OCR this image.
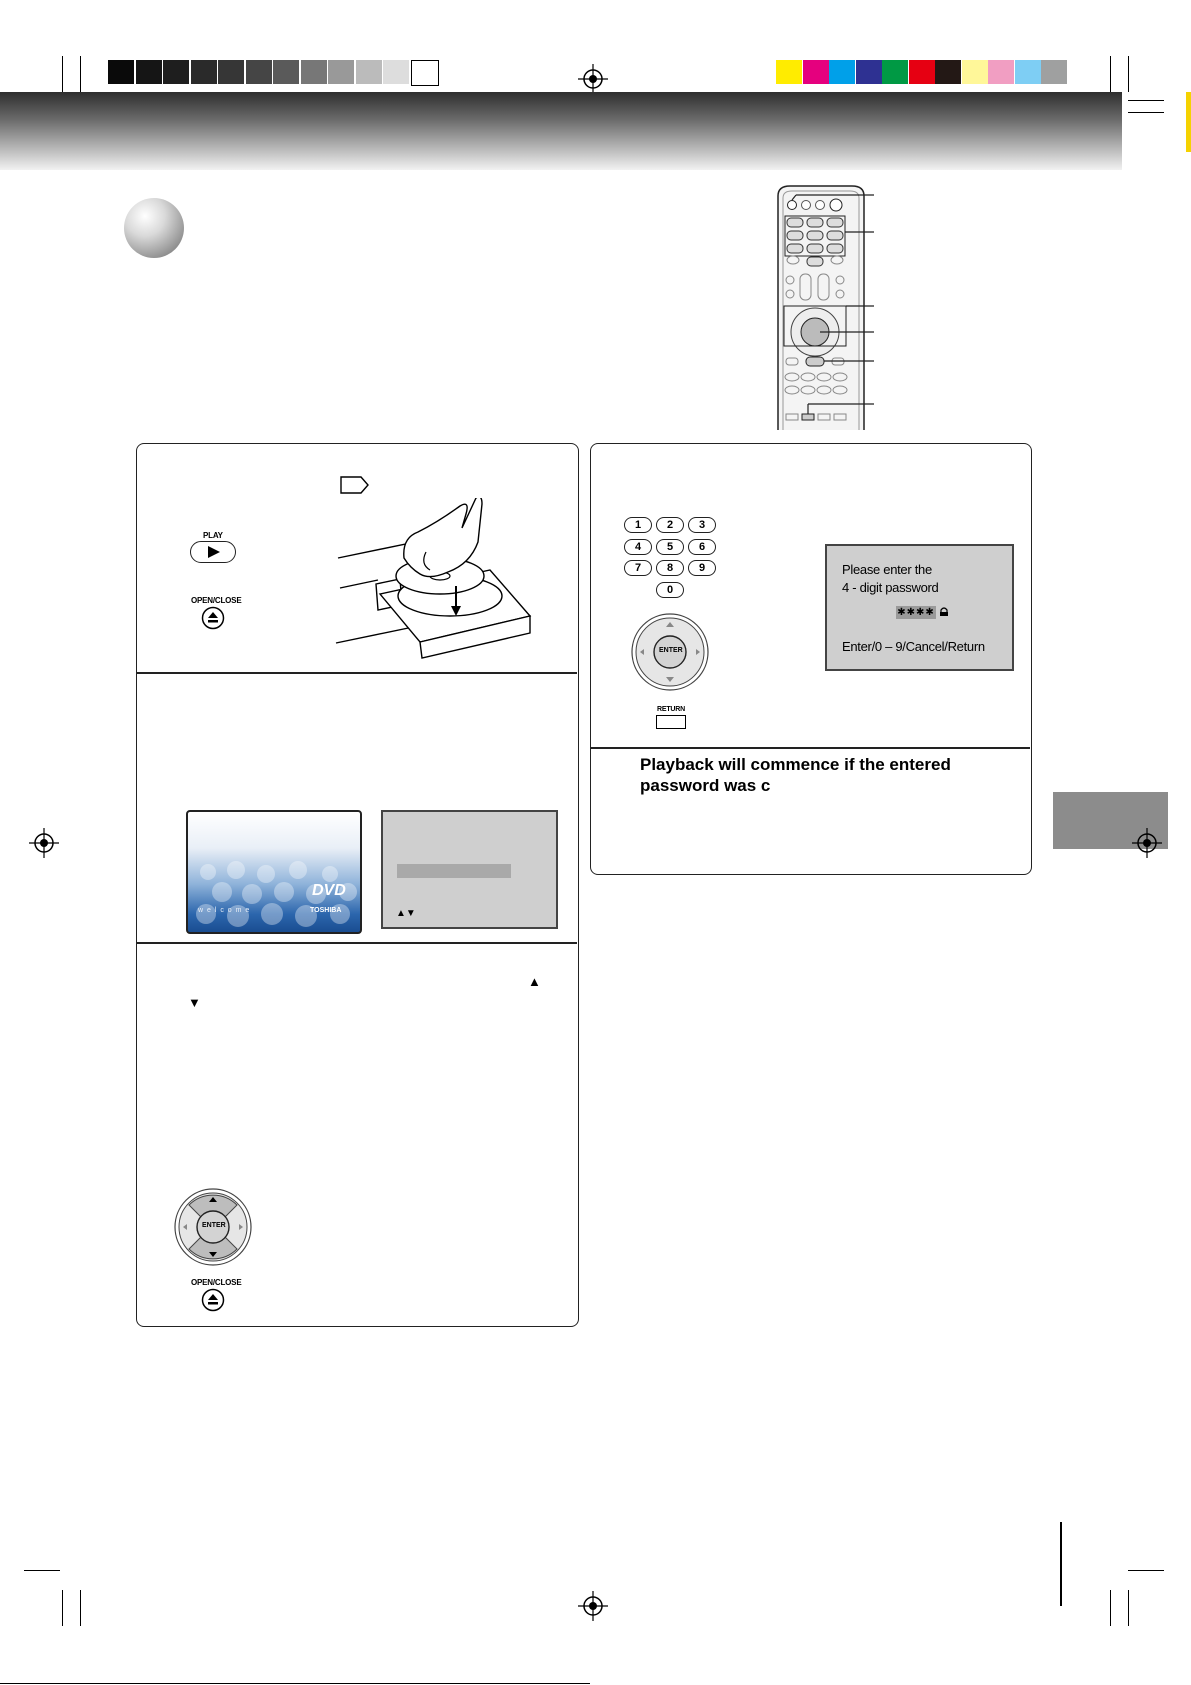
PLAY
OPEN/CLOSE
DVD
w e l c o m e	TOSHIBA	▲▼
▲
▼
ENTER
OPEN/CLOSE
1	2	3
4	5	6
7	8	9
0
ENTER
RETURN
Please enter the
4 - digit password
✱✱✱✱
Enter/0 – 9/Cancel/Return
Playback will commence if the entered password was c
